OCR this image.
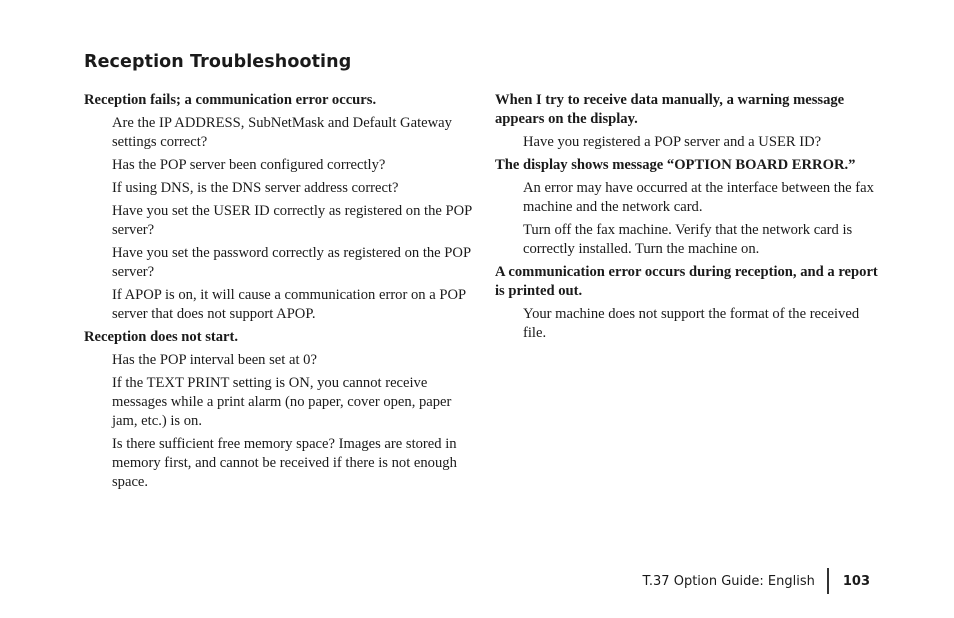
Reception Troubleshooting

Reception fails; a communication error occurs.

Are the IP ADDRESS, SubNetMask and Default Gateway settings correct?

Has the POP server been configured correctly?

If using DNS, is the DNS server address correct?

Have you set the USER ID correctly as registered on the POP server?

Have you set the password correctly as registered on the POP server?

If APOP is on, it will cause a communication error on a POP server that does not support APOP.

Reception does not start.

Has the POP interval been set at 0?

If the TEXT PRINT setting is ON, you cannot receive messages while a print alarm (no paper, cover open, paper jam, etc.) is on.

Is there sufficient free memory space? Images are stored in memory first, and cannot be received if there is not enough space.

When I try to receive data manually, a warning message appears on the display.

Have you registered a POP server and a USER ID?

The display shows message “OPTION BOARD ERROR.”

An error may have occurred at the interface between the fax machine and the network card.

Turn off the fax machine. Verify that the network card is correctly installed. Turn the machine on.

A communication error occurs during reception, and a report is printed out.

Your machine does not support the format of the received file.

T.37 Option Guide: English 103
